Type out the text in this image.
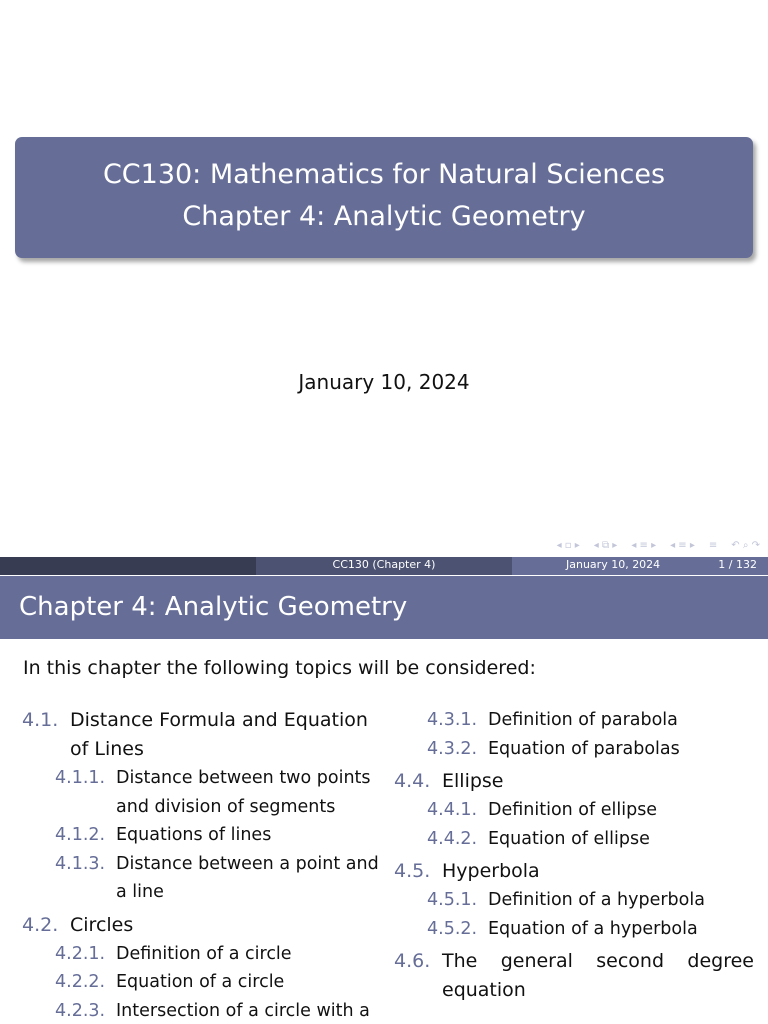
CC130: Mathematics for Natural Sciences
Chapter 4: Analytic Geometry
January 10, 2024
◂ ▫ ▸ ◂ ⧉ ▸ ◂ ≡ ▸ ◂ ≡ ▸ ≡ ↶ ⌕ ↷
CC130 (Chapter 4)	January 10, 2024	1 / 132
Chapter 4: Analytic Geometry
In this chapter the following topics will be considered:
4.1. Distance Formula and Equation of Lines
4.1.1. Distance between two points and division of segments
4.1.2. Equations of lines
4.1.3. Distance between a point and a line
4.2. Circles
4.2.1. Definition of a circle
4.2.2. Equation of a circle
4.2.3. Intersection of a circle with a
4.3.1. Definition of parabola
4.3.2. Equation of parabolas
4.4. Ellipse
4.4.1. Definition of ellipse
4.4.2. Equation of ellipse
4.5. Hyperbola
4.5.1. Definition of a hyperbola
4.5.2. Equation of a hyperbola
4.6. The general second degree equation
